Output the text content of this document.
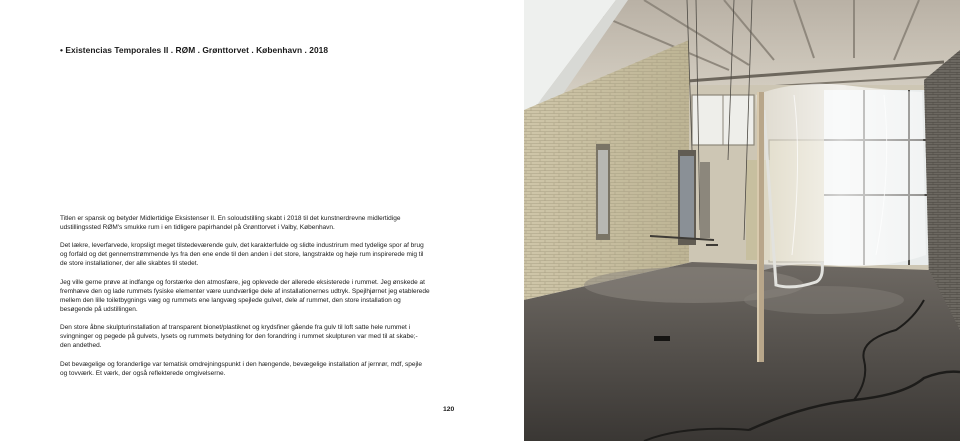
• Existencias Temporales II . RØM . Grønttorvet . København . 2018

Titlen er spansk og betyder Midlertidige Eksistenser II. En soloudstilling skabt i 2018 til det kunstnerdrevne midlertidige udstillingssted RØM's smukke rum i en tidligere papirhandel på Grønttorvet i Valby, København.

Det lækre, leverfarvede, kropsligt meget tilstedeværende gulv, det karakterfulde og slidte industrirum med tydelige spor af brug og forfald og det gennemstrømmende lys fra den ene ende til den anden i det store, langstrakte og høje rum inspirerede mig til de store installationer, der alle skabtes til stedet.

Jeg ville gerne prøve at indfange og forstærke den atmosfære, jeg oplevede der allerede eksisterede i rummet. Jeg ønskede at fremhæve den og lade rummets fysiske elementer være uundværlige dele af installationernes udtryk. Spejlhjørnet jeg etablerede mellem den lille toiletbygnings væg og rummets ene langvæg spejlede gulvet, dele af rummet, den store installation og besøgende på udstillingen.

Den store åbne skulpturinstallation af transparent bionet/plastiknet og krydsfiner gående fra gulv til loft satte hele rummet i svingninger og pegede på gulvets, lysets og rummets betydning for den forandring i rummet skulpturen var med til at skabe;- den andethed.

Det bevægelige og foranderlige var tematisk omdrejningspunkt i den hængende, bevægelige installation af jernrør, mdf, spejle og tovværk. Et værk, der også reflekterede omgivelserne.

120
